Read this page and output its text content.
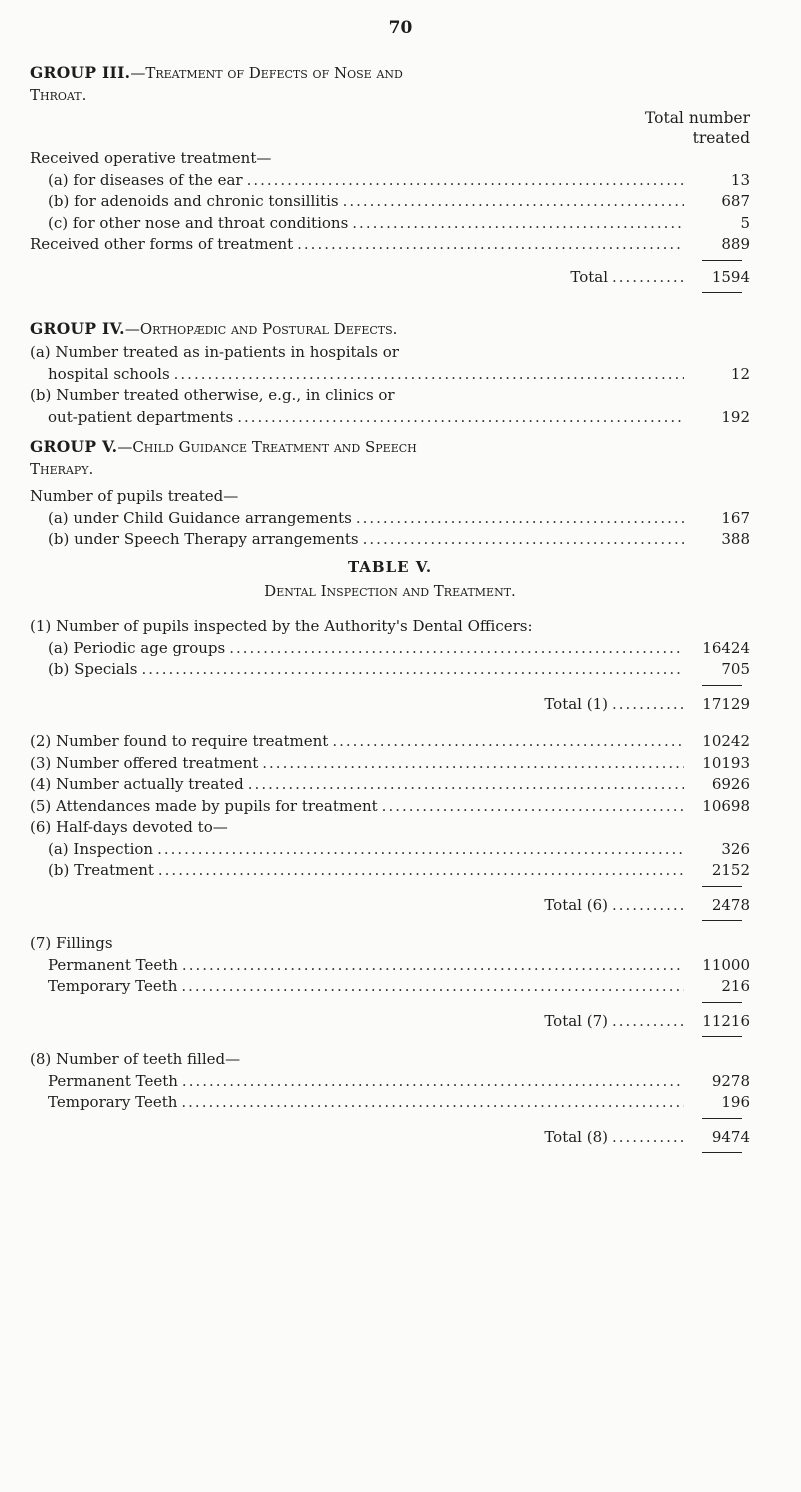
70
GROUP III.—Treatment of Defects of Nose and
Throat.
Total number
treated
Received operative treatment—
(a) for diseases of the ear .....	13
(b) for adenoids and chronic tonsillitis .....	687
(c) for other nose and throat conditions .....	5
Received other forms of treatment .....	889
Total .....	1594
GROUP IV.—Orthopædic and Postural Defects.
(a) Number treated as in-patients in hospitals or
hospital schools .....	12
(b) Number treated otherwise, e.g., in clinics or
out-patient departments .....	192
GROUP V.—Child Guidance Treatment and Speech
Therapy.
Number of pupils treated—
(a) under Child Guidance arrangements .....	167
(b) under Speech Therapy arrangements .....	388
TABLE V.
Dental Inspection and Treatment.
(1) Number of pupils inspected by the Authority's Dental Officers:
(a) Periodic age groups .....	16424
(b) Specials .....	705
Total (1) .....	17129
(2) Number found to require treatment .....	10242
(3) Number offered treatment .....	10193
(4) Number actually treated .....	6926
(5) Attendances made by pupils for treatment .....	10698
(6) Half-days devoted to—
(a) Inspection .....	326
(b) Treatment .....	2152
Total (6) .....	2478
(7) Fillings
Permanent Teeth .....	11000
Temporary Teeth .....	216
Total (7) .....	11216
(8) Number of teeth filled—
Permanent Teeth .....	9278
Temporary Teeth .....	196
Total (8) .....	9474
